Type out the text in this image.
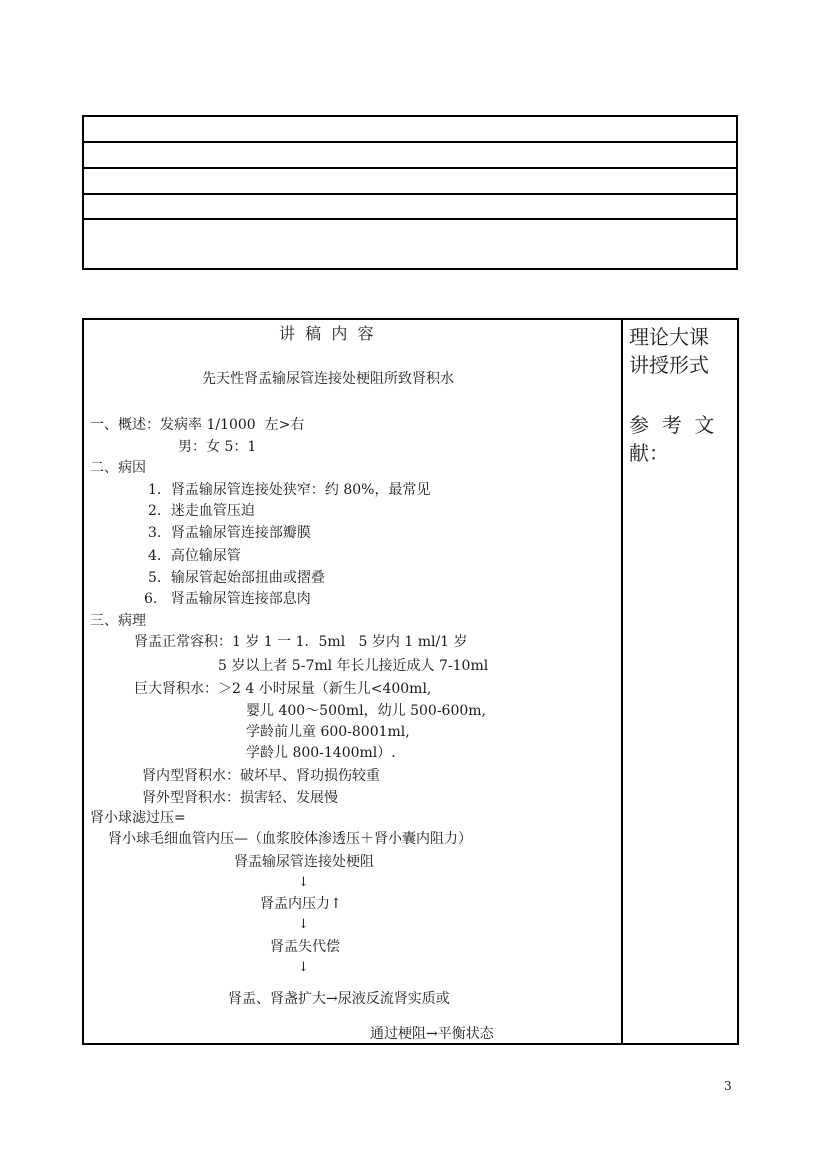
讲  稿  内  容
先天性肾盂输尿管连接处梗阻所致肾积水
一、概述：发病率 1/1000  左>右
男：女 5：1
二、病因
1．肾盂输尿管连接处狭窄：约 80%，最常见
2．迷走血管压迫
3．肾盂输尿管连接部瓣膜
4．高位输尿管
5．输尿管起始部扭曲或摺叠
6.   肾盂输尿管连接部息肉
三、病理
肾盂正常容积：1 岁 1 一 1．5ml   5 岁内 1 ml/1 岁
5 岁以上者 5-7ml 年长儿接近成人 7-10ml
巨大肾积水：＞2 4 小时尿量（新生儿<400ml,
婴儿 400～500ml，幼儿 500-600m,
学龄前儿童 600-8001ml,
学龄儿 800-1400ml）.
肾内型肾积水：破坏早、肾功损伤较重
肾外型肾积水：损害轻、发展慢
肾小球滤过压=
肾小球毛细血管内压—（血浆胶体渗透压＋肾小囊内阻力）
肾盂输尿管连接处梗阻
↓
肾盂内压力↑
↓
肾盂失代偿
↓
肾盂、肾盏扩大→尿液反流肾实质或
通过梗阻→平衡状态
理论大课
讲授形式
参  考  文
献：
3
